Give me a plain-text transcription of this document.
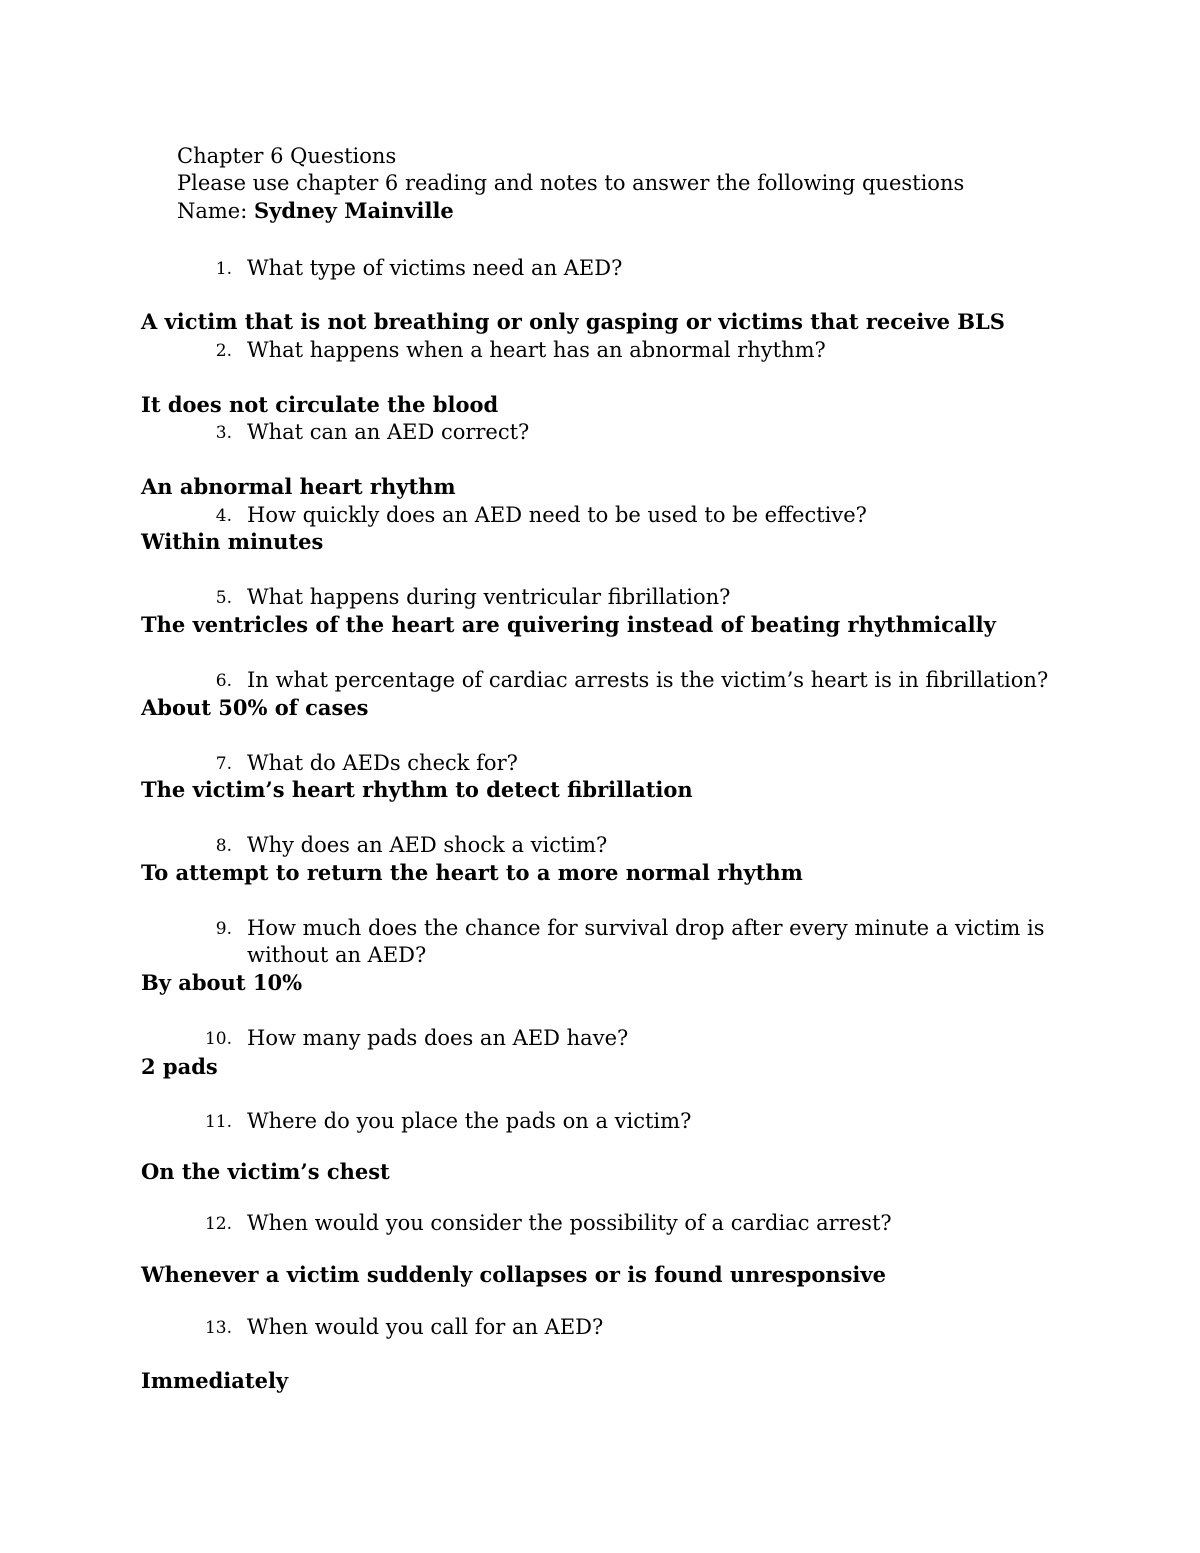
Chapter 6 Questions
Please use chapter 6 reading and notes to answer the following questions
Name: Sydney Mainville
1. What type of victims need an AED?
A victim that is not breathing or only gasping or victims that receive BLS
2. What happens when a heart has an abnormal rhythm?
It does not circulate the blood
3. What can an AED correct?
An abnormal heart rhythm
4. How quickly does an AED need to be used to be effective?
Within minutes
5. What happens during ventricular fibrillation?
The ventricles of the heart are quivering instead of beating rhythmically
6. In what percentage of cardiac arrests is the victim’s heart is in fibrillation?
About 50% of cases
7. What do AEDs check for?
The victim’s heart rhythm to detect fibrillation
8. Why does an AED shock a victim?
To attempt to return the heart to a more normal rhythm
9. How much does the chance for survival drop after every minute a victim is
without an AED?
By about 10%
10. How many pads does an AED have?
2 pads
11. Where do you place the pads on a victim?
On the victim’s chest
12. When would you consider the possibility of a cardiac arrest?
Whenever a victim suddenly collapses or is found unresponsive
13. When would you call for an AED?
Immediately
